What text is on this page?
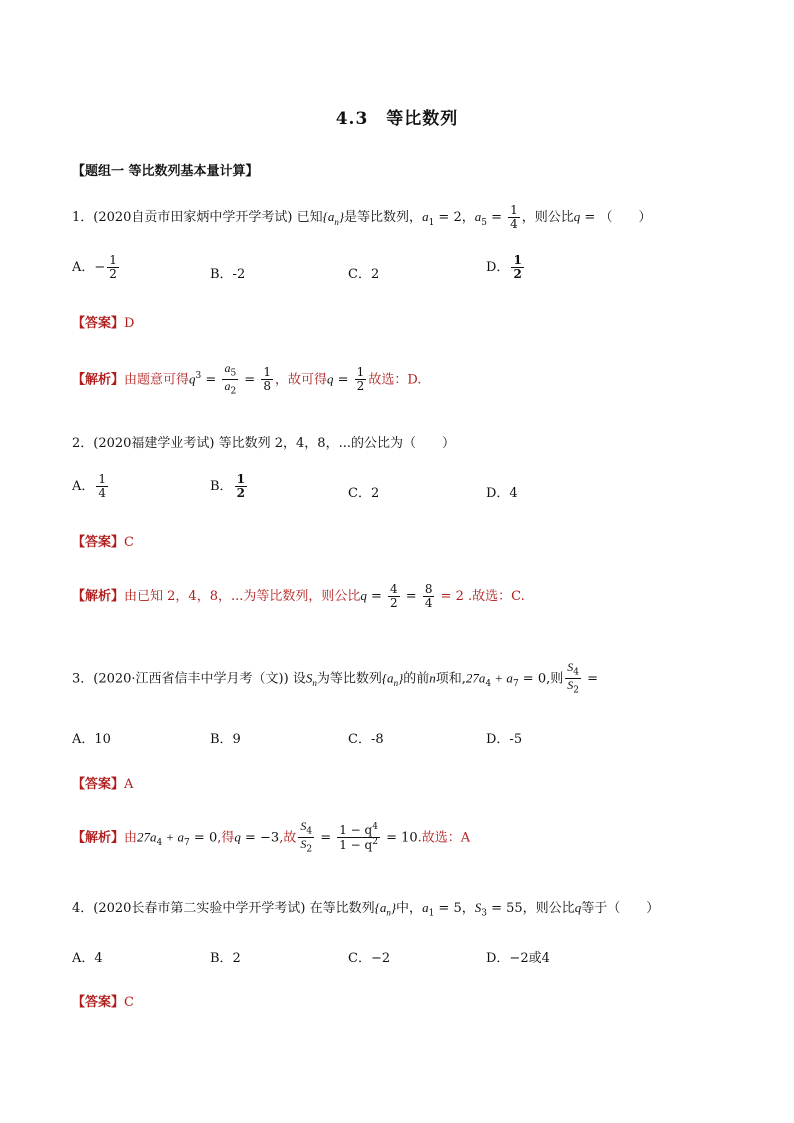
4.3　等比数列
【题组一 等比数列基本量计算】
1．(2020自贡市田家炳中学开学考试) 已知$\{a_n\}$是等比数列，$a_1 = 2$，$a_5 = \frac{1}{4}$ ，则公比q = （　　）
A．− $\frac{1}{2}$	B．-2	C．2	D． $\frac{1}{2}$
【答案】D
【解析】由题意可得$q^3 = \frac{a_5}{a_2} = \frac{1}{8}$ ，故可得$q = \frac{1}{2}$ 故选：D.
2．(2020福建学业考试) 等比数列 2，4，8，...的公比为（　　）
A． $\frac{1}{4}$	B． $\frac{1}{2}$	C．2	D．4
【答案】C
【解析】由已知 2，4，8，...为等比数列，则公比$q = \frac{4}{2} = \frac{8}{4} = 2$ .故选：C.
3．(2020·江西省信丰中学月考（文)) 设$S_n$为等比数列$\{a_n\}$的前n项和$,27a_4 + a_7 = 0$,则 $\frac{S_4}{S_2}$ =
A．10	B．9	C．-8	D．-5
【答案】A
【解析】由$27a_4 + a_7 = 0$,得q = −3,故 $\frac{S_4}{S_2} = \frac{1 - q^4}{1 - q^2} = 10$.故选：A
4．(2020长春市第二实验中学开学考试) 在等比数列$\{a_n\}$中，$a_1 = 5$，$S_3 = 55$，则公比q等于（　　）
A．4	B．2	C．−2	D．−2或4
【答案】C
